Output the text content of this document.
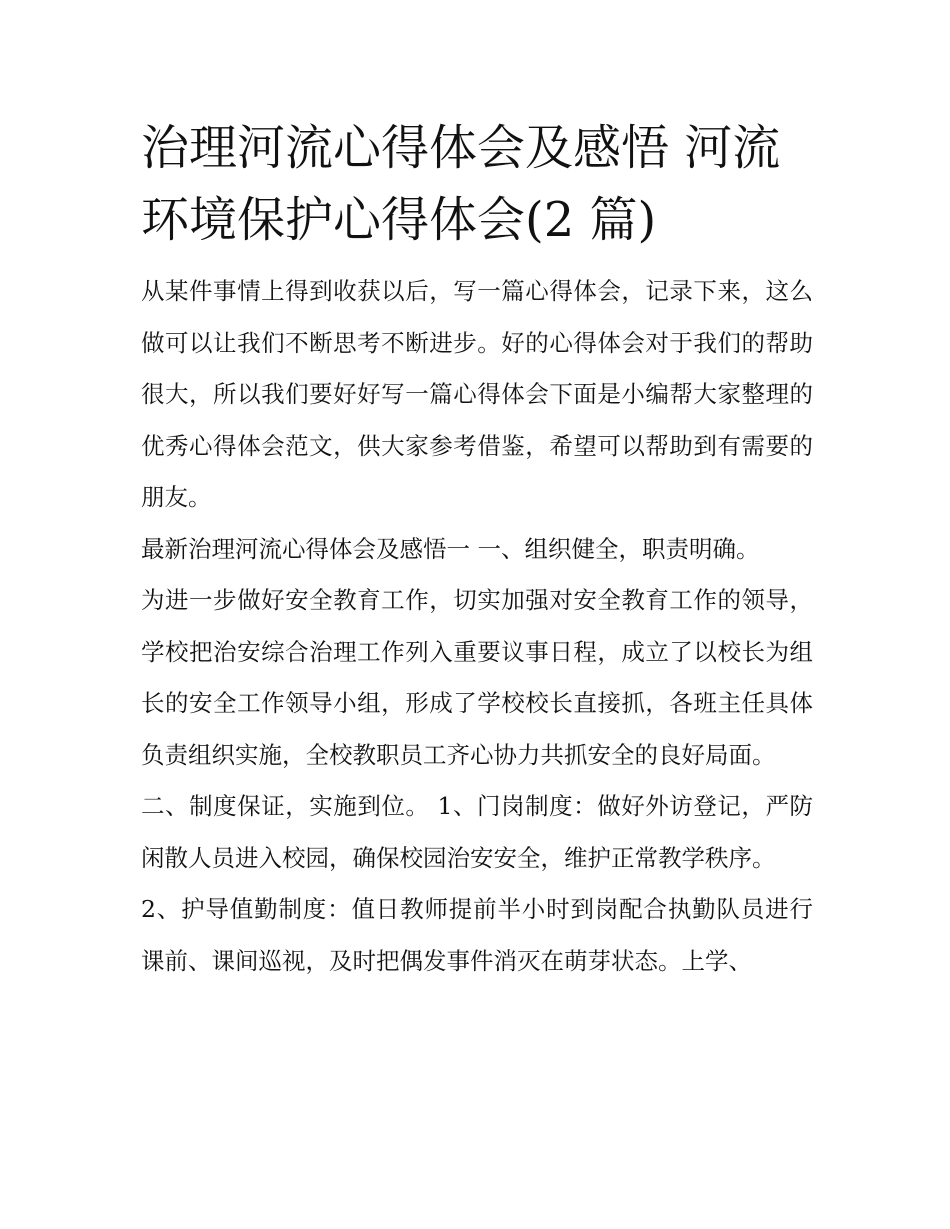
治理河流心得体会及感悟 河流
环境保护心得体会(2 篇)

从某件事情上得到收获以后，写一篇心得体会，记录下来，这么做可以让我们不断思考不断进步。好的心得体会对于我们的帮助很大，所以我们要好好写一篇心得体会下面是小编帮大家整理的优秀心得体会范文，供大家参考借鉴，希望可以帮助到有需要的朋友。

最新治理河流心得体会及感悟一 一、组织健全，职责明确。

为进一步做好安全教育工作，切实加强对安全教育工作的领导，学校把治安综合治理工作列入重要议事日程，成立了以校长为组长的安全工作领导小组，形成了学校校长直接抓，各班主任具体负责组织实施，全校教职员工齐心协力共抓安全的良好局面。

二、制度保证，实施到位。 1、门岗制度：做好外访登记，严防闲散人员进入校园，确保校园治安安全，维护正常教学秩序。

2、护导值勤制度：值日教师提前半小时到岗配合执勤队员进行课前、课间巡视，及时把偶发事件消灭在萌芽状态。上学、
